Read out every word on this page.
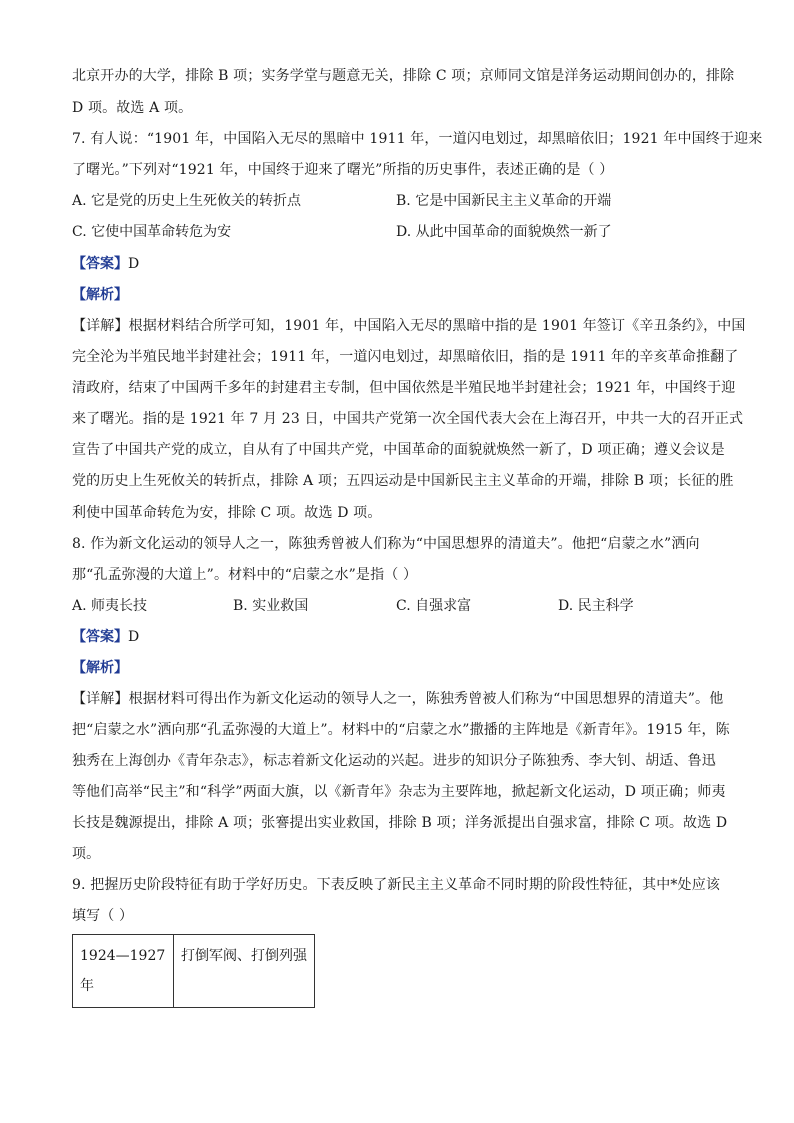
北京开办的大学，排除 B 项；实务学堂与题意无关，排除 C 项；京师同文馆是洋务运动期间创办的，排除
D 项。故选 A 项。
7. 有人说：“1901 年，中国陷入无尽的黑暗中 1911 年，一道闪电划过，却黑暗依旧；1921 年中国终于迎来
了曙光。”下列对“1921 年，中国终于迎来了曙光”所指的历史事件，表述正确的是（ ）
A. 它是党的历史上生死攸关的转折点	B. 它是中国新民主主义革命的开端
C. 它使中国革命转危为安	D. 从此中国革命的面貌焕然一新了
【答案】D
【解析】
【详解】根据材料结合所学可知，1901 年，中国陷入无尽的黑暗中指的是 1901 年签订《辛丑条约》，中国
完全沦为半殖民地半封建社会；1911 年，一道闪电划过，却黑暗依旧，指的是 1911 年的辛亥革命推翻了
清政府，结束了中国两千多年的封建君主专制，但中国依然是半殖民地半封建社会；1921 年，中国终于迎
来了曙光。指的是 1921 年 7 月 23 日，中国共产党第一次全国代表大会在上海召开，中共一大的召开正式
宣告了中国共产党的成立，自从有了中国共产党，中国革命的面貌就焕然一新了，D 项正确；遵义会议是
党的历史上生死攸关的转折点，排除 A 项；五四运动是中国新民主主义革命的开端，排除 B 项；长征的胜
利使中国革命转危为安，排除 C 项。故选 D 项。
8. 作为新文化运动的领导人之一，陈独秀曾被人们称为“中国思想界的清道夫”。他把“启蒙之水”洒向
那“孔孟弥漫的大道上”。材料中的“启蒙之水”是指（ ）
A. 师夷长技	B. 实业救国	C. 自强求富	D. 民主科学
【答案】D
【解析】
【详解】根据材料可得出作为新文化运动的领导人之一，陈独秀曾被人们称为“中国思想界的清道夫”。他
把“启蒙之水”洒向那“孔孟弥漫的大道上”。材料中的“启蒙之水”撒播的主阵地是《新青年》。1915 年，陈
独秀在上海创办《青年杂志》，标志着新文化运动的兴起。进步的知识分子陈独秀、李大钊、胡适、鲁迅
等他们高举“民主”和“科学”两面大旗，以《新青年》杂志为主要阵地，掀起新文化运动，D 项正确；师夷
长技是魏源提出，排除 A 项；张謇提出实业救国，排除 B 项；洋务派提出自强求富，排除 C 项。故选 D
项。
9. 把握历史阶段特征有助于学好历史。下表反映了新民主主义革命不同时期的阶段性特征，其中*处应该
填写（ ）
1924—1927 年	打倒军阀、打倒列强
